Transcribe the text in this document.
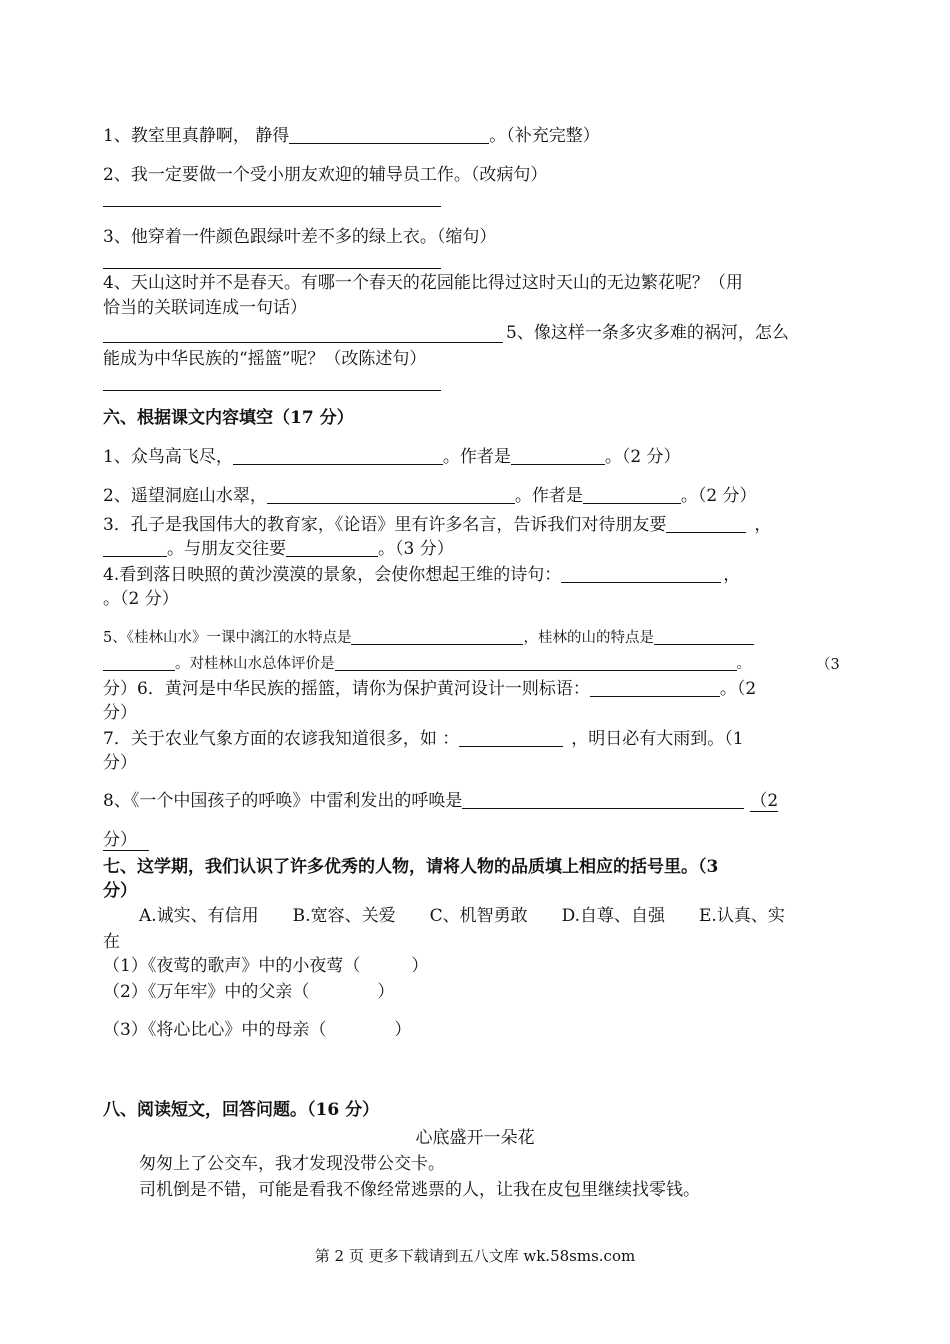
1、教室里真静啊， 静得	。（补充完整）
2、我一定要做一个受小朋友欢迎的辅导员工作。（改病句）
3、他穿着一件颜色跟绿叶差不多的绿上衣。（缩句）
4、天山这时并不是春天。有哪一个春天的花园能比得过这时天山的无边繁花呢？（用
恰当的关联词连成一句话）
5、像这样一条多灾多难的祸河，怎么
能成为中华民族的“摇篮”呢？（改陈述句）
六、根据课文内容填空（17 分）
1、众鸟高飞尽，	。作者是	。（2 分）
2、遥望洞庭山水翠，	。作者是	。（2 分）
3．孔子是我国伟大的教育家，《论语》里有许多名言，告诉我们对待朋友要	，
。与朋友交往要	。（3 分）
4.看到落日映照的黄沙漠漠的景象，会使你想起王维的诗句：	，
。（2 分）
5、《桂林山水》一课中漓江的水特点是	，桂林的山的特点是
。对桂林山水总体评价是	。	（3
分）6．黄河是中华民族的摇篮，请你为保护黄河设计一则标语：	。（2
分）
7．关于农业气象方面的农谚我知道很多，如 ：	，明日必有大雨到。（1
分）
8、《一个中国孩子的呼唤》中雷利发出的呼唤是	（2
分）
七、这学期，我们认识了许多优秀的人物，请将人物的品质填上相应的括号里。（3
分）
A.诚实、有信用　　B.宽容、关爱　　C、机智勇敢　　D.自尊、自强　　E.认真、实
在
（1）《夜莺的歌声》中的小夜莺（　　　）
（2）《万年牢》中的父亲（　　　　）
（3）《将心比心》中的母亲（　　　　）
八、阅读短文，回答问题。（16 分）
心底盛开一朵花
匆匆上了公交车，我才发现没带公交卡。
司机倒是不错，可能是看我不像经常逃票的人，让我在皮包里继续找零钱。
第 2 页 更多下载请到五八文库 wk.58sms.com
